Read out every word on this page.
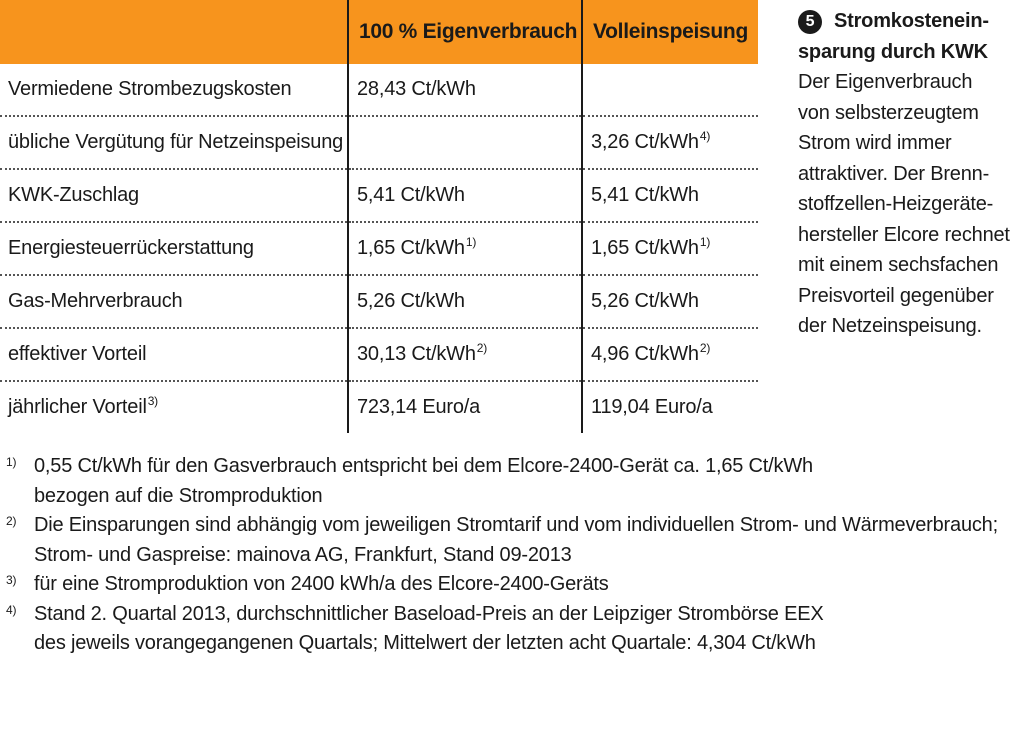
	100 % Eigenverbrauch	Volleinspeisung
Vermiedene Strombezugskosten	28,43 Ct/kWh	
übliche Vergütung für Netzeinspeisung		3,26 Ct/kWh$^{4)}$
KWK-Zuschlag	5,41 Ct/kWh	5,41 Ct/kWh
Energiesteuerrückerstattung	1,65 Ct/kWh$^{1)}$	1,65 Ct/kWh$^{1)}$
Gas-Mehrverbrauch	5,26 Ct/kWh	5,26 Ct/kWh
effektiver Vorteil	30,13 Ct/kWh$^{2)}$	4,96 Ct/kWh$^{2)}$
jährlicher Vorteil$^{3)}$	723,14 Euro/a	119,04 Euro/a
5 Stromkostenein-
sparung durch KWK
Der Eigenverbrauch
von selbsterzeugtem
Strom wird immer
attraktiver. Der Brenn-
stoffzellen-Heizgeräte-
hersteller Elcore rechnet
mit einem sechsfachen
Preisvorteil gegenüber
der Netzeinspeisung.
1) 0,55 Ct/kWh für den Gasverbrauch entspricht bei dem Elcore-2400-Gerät ca. 1,65 Ct/kWh
bezogen auf die Stromproduktion
2) Die Einsparungen sind abhängig vom jeweiligen Stromtarif und vom individuellen Strom- und Wärmeverbrauch;
Strom- und Gaspreise: mainova AG, Frankfurt, Stand 09-2013
3) für eine Stromproduktion von 2400 kWh/a des Elcore-2400-Geräts
4) Stand 2. Quartal 2013, durchschnittlicher Baseload-Preis an der Leipziger Strombörse EEX
des jeweils vorangegangenen Quartals; Mittelwert der letzten acht Quartale: 4,304 Ct/kWh
